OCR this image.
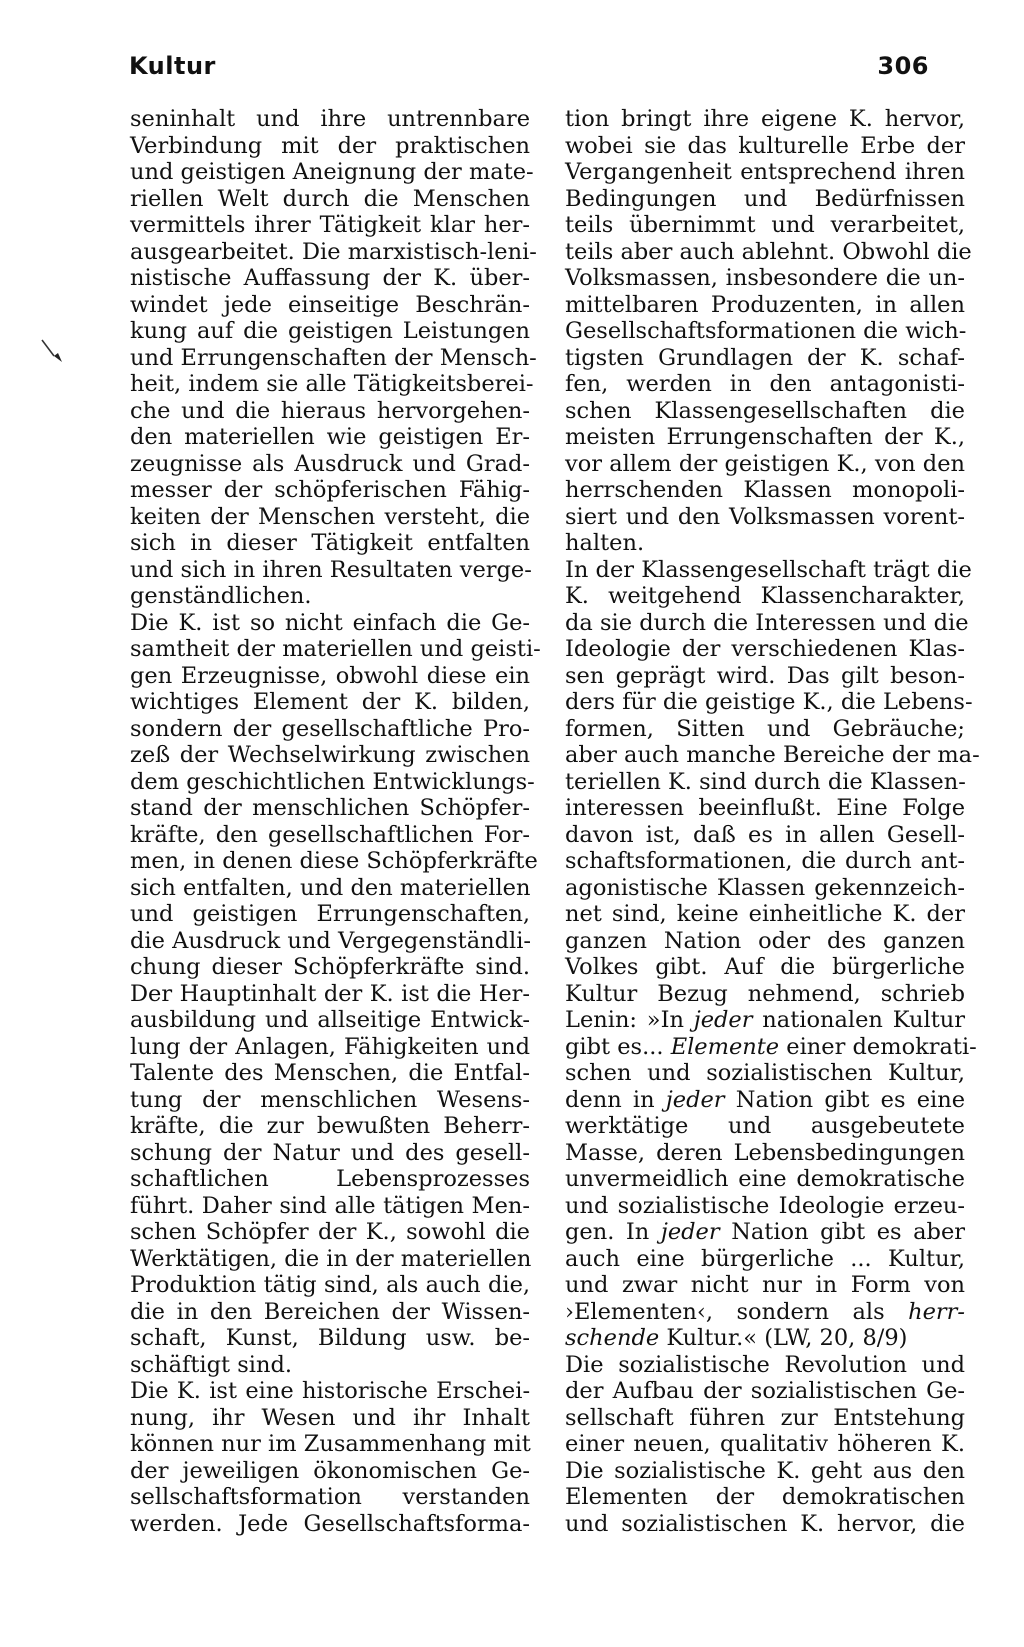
Kultur	306
seninhalt und ihre untrennbare
Verbindung mit der praktischen
und geistigen Aneignung der mate-
riellen Welt durch die Menschen
vermittels ihrer Tätigkeit klar her-
ausgearbeitet. Die marxistisch-leni-
nistische Auffassung der K. über-
windet jede einseitige Beschrän-
kung auf die geistigen Leistungen
und Errungenschaften der Mensch-
heit, indem sie alle Tätigkeitsberei-
che und die hieraus hervorgehen-
den materiellen wie geistigen Er-
zeugnisse als Ausdruck und Grad-
messer der schöpferischen Fähig-
keiten der Menschen versteht, die
sich in dieser Tätigkeit entfalten
und sich in ihren Resultaten verge-
genständlichen.
Die K. ist so nicht einfach die Ge-
samtheit der materiellen und geisti-
gen Erzeugnisse, obwohl diese ein
wichtiges Element der K. bilden,
sondern der gesellschaftliche Pro-
zeß der Wechselwirkung zwischen
dem geschichtlichen Entwicklungs-
stand der menschlichen Schöpfer-
kräfte, den gesellschaftlichen For-
men, in denen diese Schöpferkräfte
sich entfalten, und den materiellen
und geistigen Errungenschaften,
die Ausdruck und Vergegenständli-
chung dieser Schöpferkräfte sind.
Der Hauptinhalt der K. ist die Her-
ausbildung und allseitige Entwick-
lung der Anlagen, Fähigkeiten und
Talente des Menschen, die Entfal-
tung der menschlichen Wesens-
kräfte, die zur bewußten Beherr-
schung der Natur und des gesell-
schaftlichen	Lebensprozesses
führt. Daher sind alle tätigen Men-
schen Schöpfer der K., sowohl die
Werktätigen, die in der materiellen
Produktion tätig sind, als auch die,
die in den Bereichen der Wissen-
schaft, Kunst, Bildung usw. be-
schäftigt sind.
Die K. ist eine historische Erschei-
nung, ihr Wesen und ihr Inhalt
können nur im Zusammenhang mit
der jeweiligen ökonomischen Ge-
sellschaftsformation verstanden
werden. Jede Gesellschaftsforma-
tion bringt ihre eigene K. hervor,
wobei sie das kulturelle Erbe der
Vergangenheit entsprechend ihren
Bedingungen und Bedürfnissen
teils übernimmt und verarbeitet,
teils aber auch ablehnt. Obwohl die
Volksmassen, insbesondere die un-
mittelbaren Produzenten, in allen
Gesellschaftsformationen die wich-
tigsten Grundlagen der K. schaf-
fen, werden in den antagonisti-
schen Klassengesellschaften die
meisten Errungenschaften der K.,
vor allem der geistigen K., von den
herrschenden Klassen monopoli-
siert und den Volksmassen vorent-
halten.
In der Klassengesellschaft trägt die
K. weitgehend Klassencharakter,
da sie durch die Interessen und die
Ideologie der verschiedenen Klas-
sen geprägt wird. Das gilt beson-
ders für die geistige K., die Lebens-
formen, Sitten und Gebräuche;
aber auch manche Bereiche der ma-
teriellen K. sind durch die Klassen-
interessen beeinflußt. Eine Folge
davon ist, daß es in allen Gesell-
schaftsformationen, die durch ant-
agonistische Klassen gekennzeich-
net sind, keine einheitliche K. der
ganzen Nation oder des ganzen
Volkes gibt. Auf die bürgerliche
Kultur Bezug nehmend, schrieb
Lenin: »In jeder nationalen Kultur
gibt es... Elemente einer demokrati-
schen und sozialistischen Kultur,
denn in jeder Nation gibt es eine
werktätige und ausgebeutete
Masse, deren Lebensbedingungen
unvermeidlich eine demokratische
und sozialistische Ideologie erzeu-
gen. In jeder Nation gibt es aber
auch eine bürgerliche ... Kultur,
und zwar nicht nur in Form von
›Elementen‹, sondern als herr-
schende Kultur.« (LW, 20, 8/9)
Die sozialistische Revolution und
der Aufbau der sozialistischen Ge-
sellschaft führen zur Entstehung
einer neuen, qualitativ höheren K.
Die sozialistische K. geht aus den
Elementen der demokratischen
und sozialistischen K. hervor, die
